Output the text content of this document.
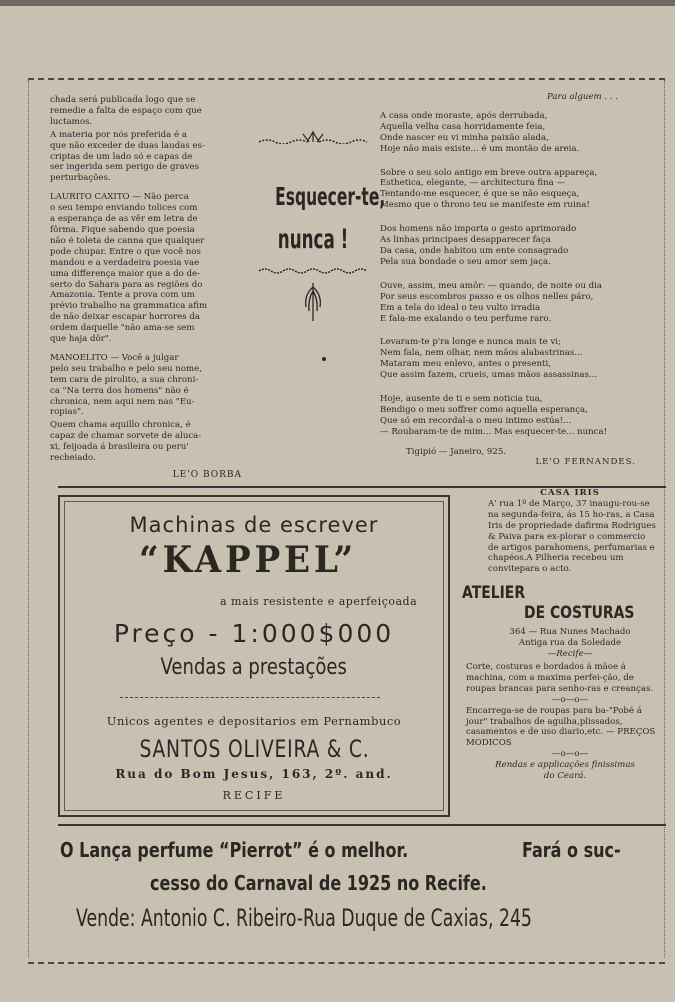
chada será publicada logo que se
remedie a falta de espaço com que
luctamos.

A materia por nós preferida é a
que não exceder de duas laudas es-
criptas de um lado só e capas de
ser ingerida sem perigo de graves
perturbações.

LAURITO CAXITO — Não perca
o seu tempo enviando tolices com
a esperança de as vêr em letra de
fôrma. Fique sabendo que poesia
não é toleta de canna que qualquer
pode chupar. Entre o que você nos
mandou e a verdadeira poesia vae
uma differença maior que a do de-
serto do Sahara para as regiões do
Amazonia. Tente a prova com um
prévio trabalho na grammatica afim
de não deixar escapar horrores da
ordem daquelle "não ama-se sem
que haja dôr".

MANOELITO — Você a julgar
pelo seu trabalho e pelo seu nome,
tem cara de pirolito, a sua chroni-
ca "Na terra dos homens" não é
chronica, nem aqui nem nas "Eu-
ropias".

Quem chama aquillo chronica, é
capaz de chamar sorvete de aluca-
xi, feijoada á brasileira ou peru'
recheiado.

LE'O BORBA
Esquecer-te,
nunca !
Para alguem . . .

A casa onde moraste, após derrubada,
Aquella velha casa horridamente feia,
Onde nascer eu vi minha paixão alada,
Hoje não mais existe... é um montão de areia.

Sobre o seu solo antigo em breve outra appareça,
Esthetica, elegante, — architectura fina —
Tentando-me esquecer, é que se não esqueça,
Mesmo que o throno teu se manifeste em ruina!

Dos homens não importa o gesto aprimorado
As linhas principaes desapparecer faça
Da casa, onde habitou um ente consagrado
Pela sua bondade o seu amor sem jaça.

Ouve, assim, meu amôr: — quando, de noite ou dia
Por seus escombros passo e os olhos nelles páro,
Em a tela do ideal o teu vulto irradia
E fala-me exalando o teu perfume raro.

Levaram-te p'ra longe e nunca mais te vi;
Nem fala, nem olhar, nem mãos alabastrinas...
Mataram meu enlevo, antes o presenti,
Que assim fazem, crueis, umas mãos assassinas...

Hoje, ausente de ti e sem noticia tua,
Bendigo o meu soffrer como aquella esperança,
Que só em recordal-a o meu intimo estúa!...
— Roubaram-te de mim... Mas esquecer-te... nunca!

Tigipió — Janeiro, 925.
LE'O FERNANDES.
Machinas de escrever
“KAPPEL”
a mais resistente e aperfeiçoada
Preço - 1:000$000
Vendas a prestações
Unicos agentes e depositarios em Pernambuco
SANTOS OLIVEIRA & C.
Rua do Bom Jesus, 163, 2º. and.
RECIFE
CASA IRIS
A' rua 1º de Março, 37 inaugu-rou-se na segunda-feira, ás 15 ho-ras, a Casa Iris de propriedade dafirma Rodrigues & Paiva para ex-plorar o commercio de artigos parahomens, perfumarias e chapéos.A Pilheria recebeu um convitepara o acto.
ATELIER
DE COSTURAS
364 — Rua Nunes Machado
Antiga rua da Soledade
—Recife—
Corte, costuras e bordados á mãoe á machina, com a maxima perfei-ção, de roupas brancas para senho-ras e creanças.
—o—o—
Encarrega-se de roupas para ba-"Pobé á jour" trabalhos de agulha,plissados, casamentos e de uso diario,etc. — PREÇOS MODICOS
—o—o—
Rendas e applicações finissimas
do Ceará.
O Lança perfume “Pierrot” é o melhor.	Fará o suc-
cesso do Carnaval de 1925 no Recife.
Vende: Antonio C. Ribeiro-Rua Duque de Caxias, 245
